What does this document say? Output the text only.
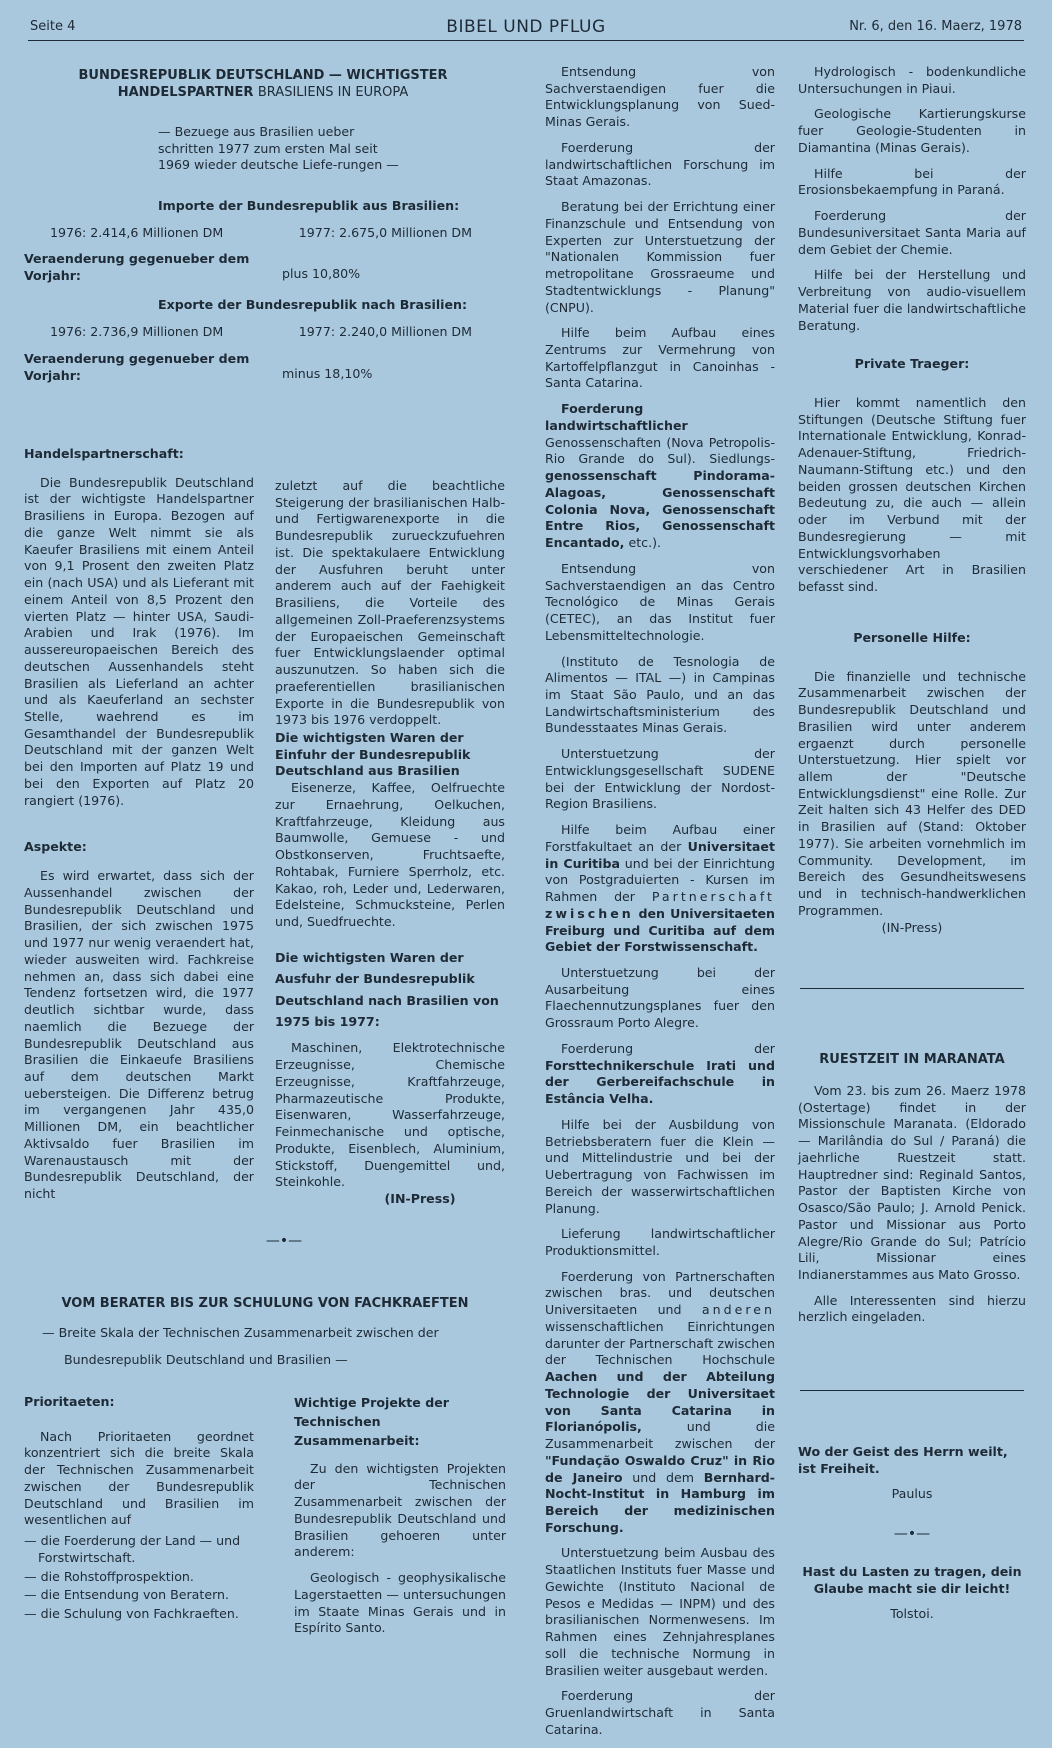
Seite 4	BIBEL UND PFLUG	Nr. 6, den 16. Maerz, 1978
BUNDESREPUBLIK DEUTSCHLAND — WICHTIGSTER HANDELSPARTNER BRASILIENS IN EUROPA

— Bezuege aus Brasilien ueber schritten 1977 zum ersten Mal seit 1969 wieder deutsche Liefe-rungen —

Importe der Bundesrepublik aus Brasilien:
1976: 2.414,6 Millionen DM	1977: 2.675,0 Millionen DM
Veraenderung gegenueber dem Vorjahr:	plus 10,80%
Exporte der Bundesrepublik nach Brasilien:
1976: 2.736,9 Millionen DM	1977: 2.240,0 Millionen DM
Veraenderung gegenueber dem Vorjahr:	minus 18,10%
Handelspartnerschaft:

Die Bundesrepublik Deutschland ist der wichtigste Handelspartner Brasiliens in Europa. Bezogen auf die ganze Welt nimmt sie als Kaeufer Brasiliens mit einem Anteil von 9,1 Prosent den zweiten Platz ein (nach USA) und als Lieferant mit einem Anteil von 8,5 Prozent den vierten Platz — hinter USA, Saudi-Arabien und Irak (1976). Im aussereuropaeischen Bereich des deutschen Aussenhandels steht Brasilien als Lieferland an achter und als Kaeuferland an sechster Stelle, waehrend es im Gesamthandel der Bundesrepublik Deutschland mit der ganzen Welt bei den Importen auf Platz 19 und bei den Exporten auf Platz 20 rangiert (1976).

Aspekte:

Es wird erwartet, dass sich der Aussenhandel zwischen der Bundesrepublik Deutschland und Brasilien, der sich zwischen 1975 und 1977 nur wenig veraendert hat, wieder ausweiten wird. Fachkreise nehmen an, dass sich dabei eine Tendenz fortsetzen wird, die 1977 deutlich sichtbar wurde, dass naemlich die Bezuege der Bundesrepublik Deutschland aus Brasilien die Einkaeufe Brasiliens auf dem deutschen Markt uebersteigen. Die Differenz betrug im vergangenen Jahr 435,0 Millionen DM, ein beachtlicher Aktivsaldo fuer Brasilien im Warenaustausch mit der Bundesrepublik Deutschland, der nicht

zuletzt auf die beachtliche Steigerung der brasilianischen Halb- und Fertigwarenexporte in die Bundesrepublik zurueckzufuehren ist. Die spektakulaere Entwicklung der Ausfuhren beruht unter anderem auch auf der Faehigkeit Brasiliens, die Vorteile des allgemeinen Zoll-Praeferenzsystems der Europaeischen Gemeinschaft fuer Entwicklungslaender optimal auszunutzen. So haben sich die praeferentiellen brasilianischen Exporte in die Bundesrepublik von 1973 bis 1976 verdoppelt.

Die wichtigsten Waren der Einfuhr der Bundesrepublik Deutschland aus Brasilien

Eisenerze, Kaffee, Oelfruechte zur Ernaehrung, Oelkuchen, Kraftfahrzeuge, Kleidung aus Baumwolle, Gemuese - und Obstkonserven, Fruchtsaefte, Rohtabak, Furniere Sperrholz, etc. Kakao, roh, Leder und, Lederwaren, Edelsteine, Schmucksteine, Perlen und, Suedfruechte.

Die wichtigsten Waren der Ausfuhr der Bundesrepublik Deutschland nach Brasilien von 1975 bis 1977:

Maschinen, Elektrotechnische Erzeugnisse, Chemische Erzeugnisse, Kraftfahrzeuge, Pharmazeutische Produkte, Eisenwaren, Wasserfahrzeuge, Feinmechanische und optische, Produkte, Eisenblech, Aluminium, Stickstoff, Duengemittel und, Steinkohle.

(IN-Press)
—•—
VOM BERATER BIS ZUR SCHULUNG VON FACHKRAEFTEN
— Breite Skala der Technischen Zusammenarbeit zwischen der
Bundesrepublik Deutschland und Brasilien —
Prioritaeten:

Nach Prioritaeten geordnet konzentriert sich die breite Skala der Technischen Zusammenarbeit zwischen der Bundesrepublik Deutschland und Brasilien im wesentlichen auf

— die Foerderung der Land — und Forstwirtschaft.
— die Rohstoffprospektion.
— die Entsendung von Beratern.
— die Schulung von Fachkraeften.
Wichtige Projekte der Technischen Zusammenarbeit:

Zu den wichtigsten Projekten der Technischen Zusammenarbeit zwischen der Bundesrepublik Deutschland und Brasilien gehoeren unter anderem:

Geologisch - geophysikalische Lagerstaetten — untersuchungen im Staate Minas Gerais und in Espírito Santo.

Entsendung von Sachverstaendigen fuer die Entwicklungsplanung von Sued-Minas Gerais.

Foerderung der landwirtschaftlichen Forschung im Staat Amazonas.

Beratung bei der Errichtung einer Finanzschule und Entsendung von Experten zur Unterstuetzung der "Nationalen Kommission fuer metropolitane Grossraeume und Stadtentwicklungs - Planung" (CNPU).

Hilfe beim Aufbau eines Zentrums zur Vermehrung von Kartoffelpflanzgut in Canoinhas - Santa Catarina.

Foerderung landwirtschaftlicher Genossenschaften (Nova Petropolis-Rio Grande do Sul). Siedlungs- genossenschaft Pindorama-Alagoas, Genossenschaft Colonia Nova, Genossenschaft Entre Rios, Genossenschaft Encantado, etc.).

Entsendung von Sachverstaendigen an das Centro Tecnológico de Minas Gerais (CETEC), an das Institut fuer Lebensmitteltechnologie.

(Instituto de Tesnologia de Alimentos — ITAL —) in Campinas im Staat São Paulo, und an das Landwirtschaftsministerium des Bundesstaates Minas Gerais.

Unterstuetzung der Entwicklungsgesellschaft SUDENE bei der Entwicklung der Nordost-Region Brasiliens.

Hilfe beim Aufbau einer Forstfakultaet an der Universitaet in Curitiba und bei der Einrichtung von Postgraduierten - Kursen im Rahmen der Partnerschaft zwischen den Universitaeten Freiburg und Curitiba auf dem Gebiet der Forstwissenschaft.

Unterstuetzung bei der Ausarbeitung eines Flaechennutzungsplanes fuer den Grossraum Porto Alegre.

Foerderung der Forsttechnikerschule Irati und der Gerbereifachschule in Estância Velha.

Hilfe bei der Ausbildung von Betriebsberatern fuer die Klein — und Mittelindustrie und bei der Uebertragung von Fachwissen im Bereich der wasserwirtschaftlichen Planung.

Lieferung landwirtschaftlicher Produktionsmittel.

Foerderung von Partnerschaften zwischen bras. und deutschen Universitaeten und anderen wissenschaftlichen Einrichtungen darunter der Partnerschaft zwischen der Technischen Hochschule Aachen und der Abteilung Technologie der Universitaet von Santa Catarina in Florianópolis,	und die Zusammenarbeit zwischen der "Fundação Oswaldo Cruz" in Rio de Janeiro und dem Bernhard-Nocht-Institut in Hamburg im Bereich der medizinischen Forschung.

Unterstuetzung beim Ausbau des Staatlichen Instituts fuer Masse und Gewichte (Instituto Nacional de Pesos e Medidas — INPM) und des brasilianischen Normenwesens. Im Rahmen eines Zehnjahresplanes soll die technische Normung in Brasilien weiter ausgebaut werden.

Foerderung der Gruenlandwirtschaft in Santa Catarina.

Hydrologisch - bodenkundliche Untersuchungen in Piaui.

Geologische Kartierungskurse fuer Geologie-Studenten in Diamantina (Minas Gerais).

Hilfe bei der Erosionsbekaempfung in Paraná.

Foerderung der Bundesuniversitaet Santa Maria auf dem Gebiet der Chemie.

Hilfe bei der Herstellung und Verbreitung von audio-visuellem Material fuer die landwirtschaftliche Beratung.

Private Traeger:

Hier kommt namentlich den Stiftungen (Deutsche Stiftung fuer Internationale Entwicklung, Konrad-Adenauer-Stiftung, Friedrich-Naumann-Stiftung etc.) und den beiden grossen deutschen Kirchen Bedeutung zu, die auch — allein oder im Verbund mit der Bundesregierung — mit Entwicklungsvorhaben verschiedener Art in Brasilien befasst sind.

Personelle Hilfe:

Die finanzielle und technische Zusammenarbeit zwischen der Bundesrepublik Deutschland und Brasilien wird unter anderem ergaenzt durch personelle Unterstuetzung. Hier spielt vor allem der "Deutsche Entwicklungsdienst" eine Rolle. Zur Zeit halten sich 43 Helfer des DED in Brasilien auf (Stand: Oktober 1977). Sie arbeiten vornehmlich im Community. Development, im Bereich des Gesundheitswesens und in technisch-handwerklichen Programmen.

(IN-Press)
RUESTZEIT IN MARANATA

Vom 23. bis zum 26. Maerz 1978 (Ostertage) findet in der Missionschule Maranata. (Eldorado — Marilândia do Sul / Paraná) die jaehrliche Ruestzeit statt. Hauptredner sind: Reginald Santos, Pastor der Baptisten Kirche von Osasco/São Paulo; J. Arnold Penick. Pastor und Missionar aus Porto Alegre/Rio Grande do Sul; Patrício Lili, Missionar eines Indianerstammes aus Mato Grosso.

Alle Interessenten sind hierzu herzlich eingeladen.

Wo der Geist des Herrn weilt, ist Freiheit.

Paulus
—•—

Hast du Lasten zu tragen, dein Glaube macht sie dir leicht!

Tolstoi.
